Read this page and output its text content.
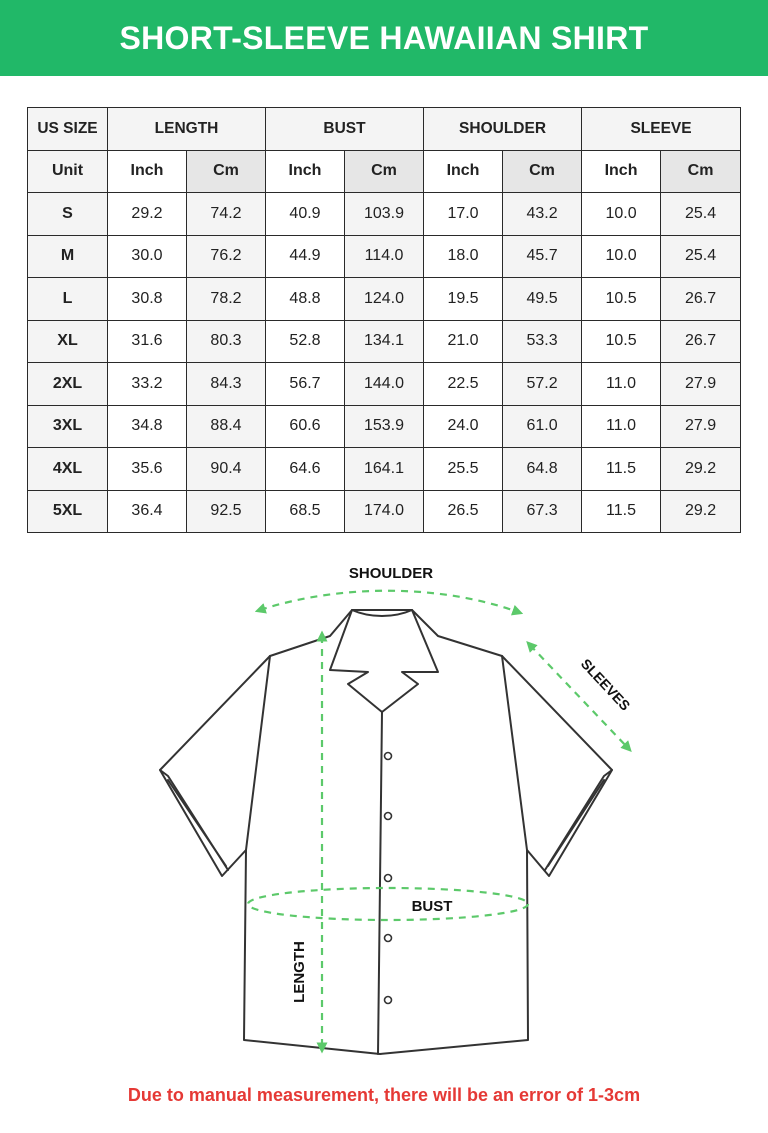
SHORT-SLEEVE HAWAIIAN SHIRT
US SIZE	LENGTH		BUST		SHOULDER		SLEEVE	
Unit	Inch	Cm	Inch	Cm	Inch	Cm	Inch	Cm
S	29.2	74.2	40.9	103.9	17.0	43.2	10.0	25.4
M	30.0	76.2	44.9	114.0	18.0	45.7	10.0	25.4
L	30.8	78.2	48.8	124.0	19.5	49.5	10.5	26.7
XL	31.6	80.3	52.8	134.1	21.0	53.3	10.5	26.7
2XL	33.2	84.3	56.7	144.0	22.5	57.2	11.0	27.9
3XL	34.8	88.4	60.6	153.9	24.0	61.0	11.0	27.9
4XL	35.6	90.4	64.6	164.1	25.5	64.8	11.5	29.2
5XL	36.4	92.5	68.5	174.0	26.5	67.3	11.5	29.2
SHOULDER
SLEEVES
BUST
LENGTH
Due to manual measurement, there will be an error of 1-3cm
